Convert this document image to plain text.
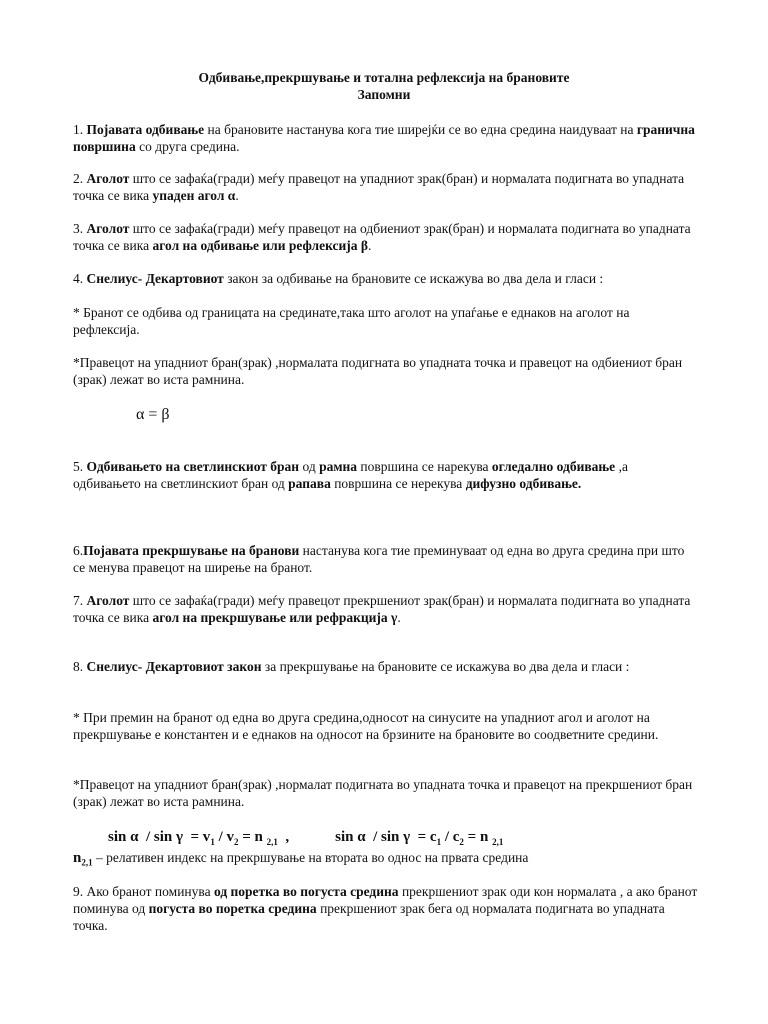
Одбивање,прекршување и тотална рефлексија на брановите
Запомни

1. Појавата одбивање на брановите настанува кога тие ширејќи се во една средина наидуваат на гранична површина со друга средина.

2. Аголот што се зафаќа(гради) меѓу правецот на упадниот зрак(бран) и нормалата подигната во упадната точка се вика упаден агол α.

3. Аголот што се зафаќа(гради) меѓу правецот на одбиениот зрак(бран) и нормалата подигната во упадната точка се вика агол на одбивање или рефлексија β.

4. Снелиус- Декартовиот закон за одбивање на брановите се искажува во два дела и гласи :

* Бранот се одбива од границата на срединате,така што аголот на упаѓање е еднаков на аголот на рефлексија.

*Правецот на упадниот бран(зрак) ,нормалата подигната во упадната точка и правецот на одбиениот бран (зрак) лежат во иста рамнина.

α = β

5. Одбивањето на светлинскиот бран од рамна површина се нарекува огледално одбивање ,а одбивањето на светлинскиот бран од рапава површина се нерекува дифузно одбивање.

6.Појавата прекршување на бранови настанува кога тие преминуваат од една во друга средина при што се менува правецот на ширење на бранот.

7. Аголот што се зафаќа(гради) меѓу правецот прекршениот зрак(бран) и нормалата подигната во упадната точка се вика агол на прекршување или рефракција γ.

8. Снелиус- Декартовиот закон за прекршување на брановите се искажува во два дела и гласи :

* При премин на бранот од една во друга средина,односот на синусите на упадниот агол и аголот на прекршување е константен и е еднаков на односот на брзините на брановите во соодветните средини.

*Правецот на упадниот бран(зрак) ,нормалат подигната во упадната точка и правецот на прекршениот бран (зрак) лежат во иста рамнина.

$\sin \alpha / \sin \gamma = v_1 / v_2 = n$ $_{2,1}$  ,	$\sin \alpha / \sin \gamma = c_1 / c_2 = n$ $_{2,1}$

$n_{2,1}$ – релативен индекс на прекршување на втората во однос на првата средина

9. Ако бранот поминува од поретка во погуста средина прекршениот зрак оди кон нормалата , а ако бранот поминува од погуста во поретка средина прекршениот зрак бега од нормалата подигната во упадната точка.
